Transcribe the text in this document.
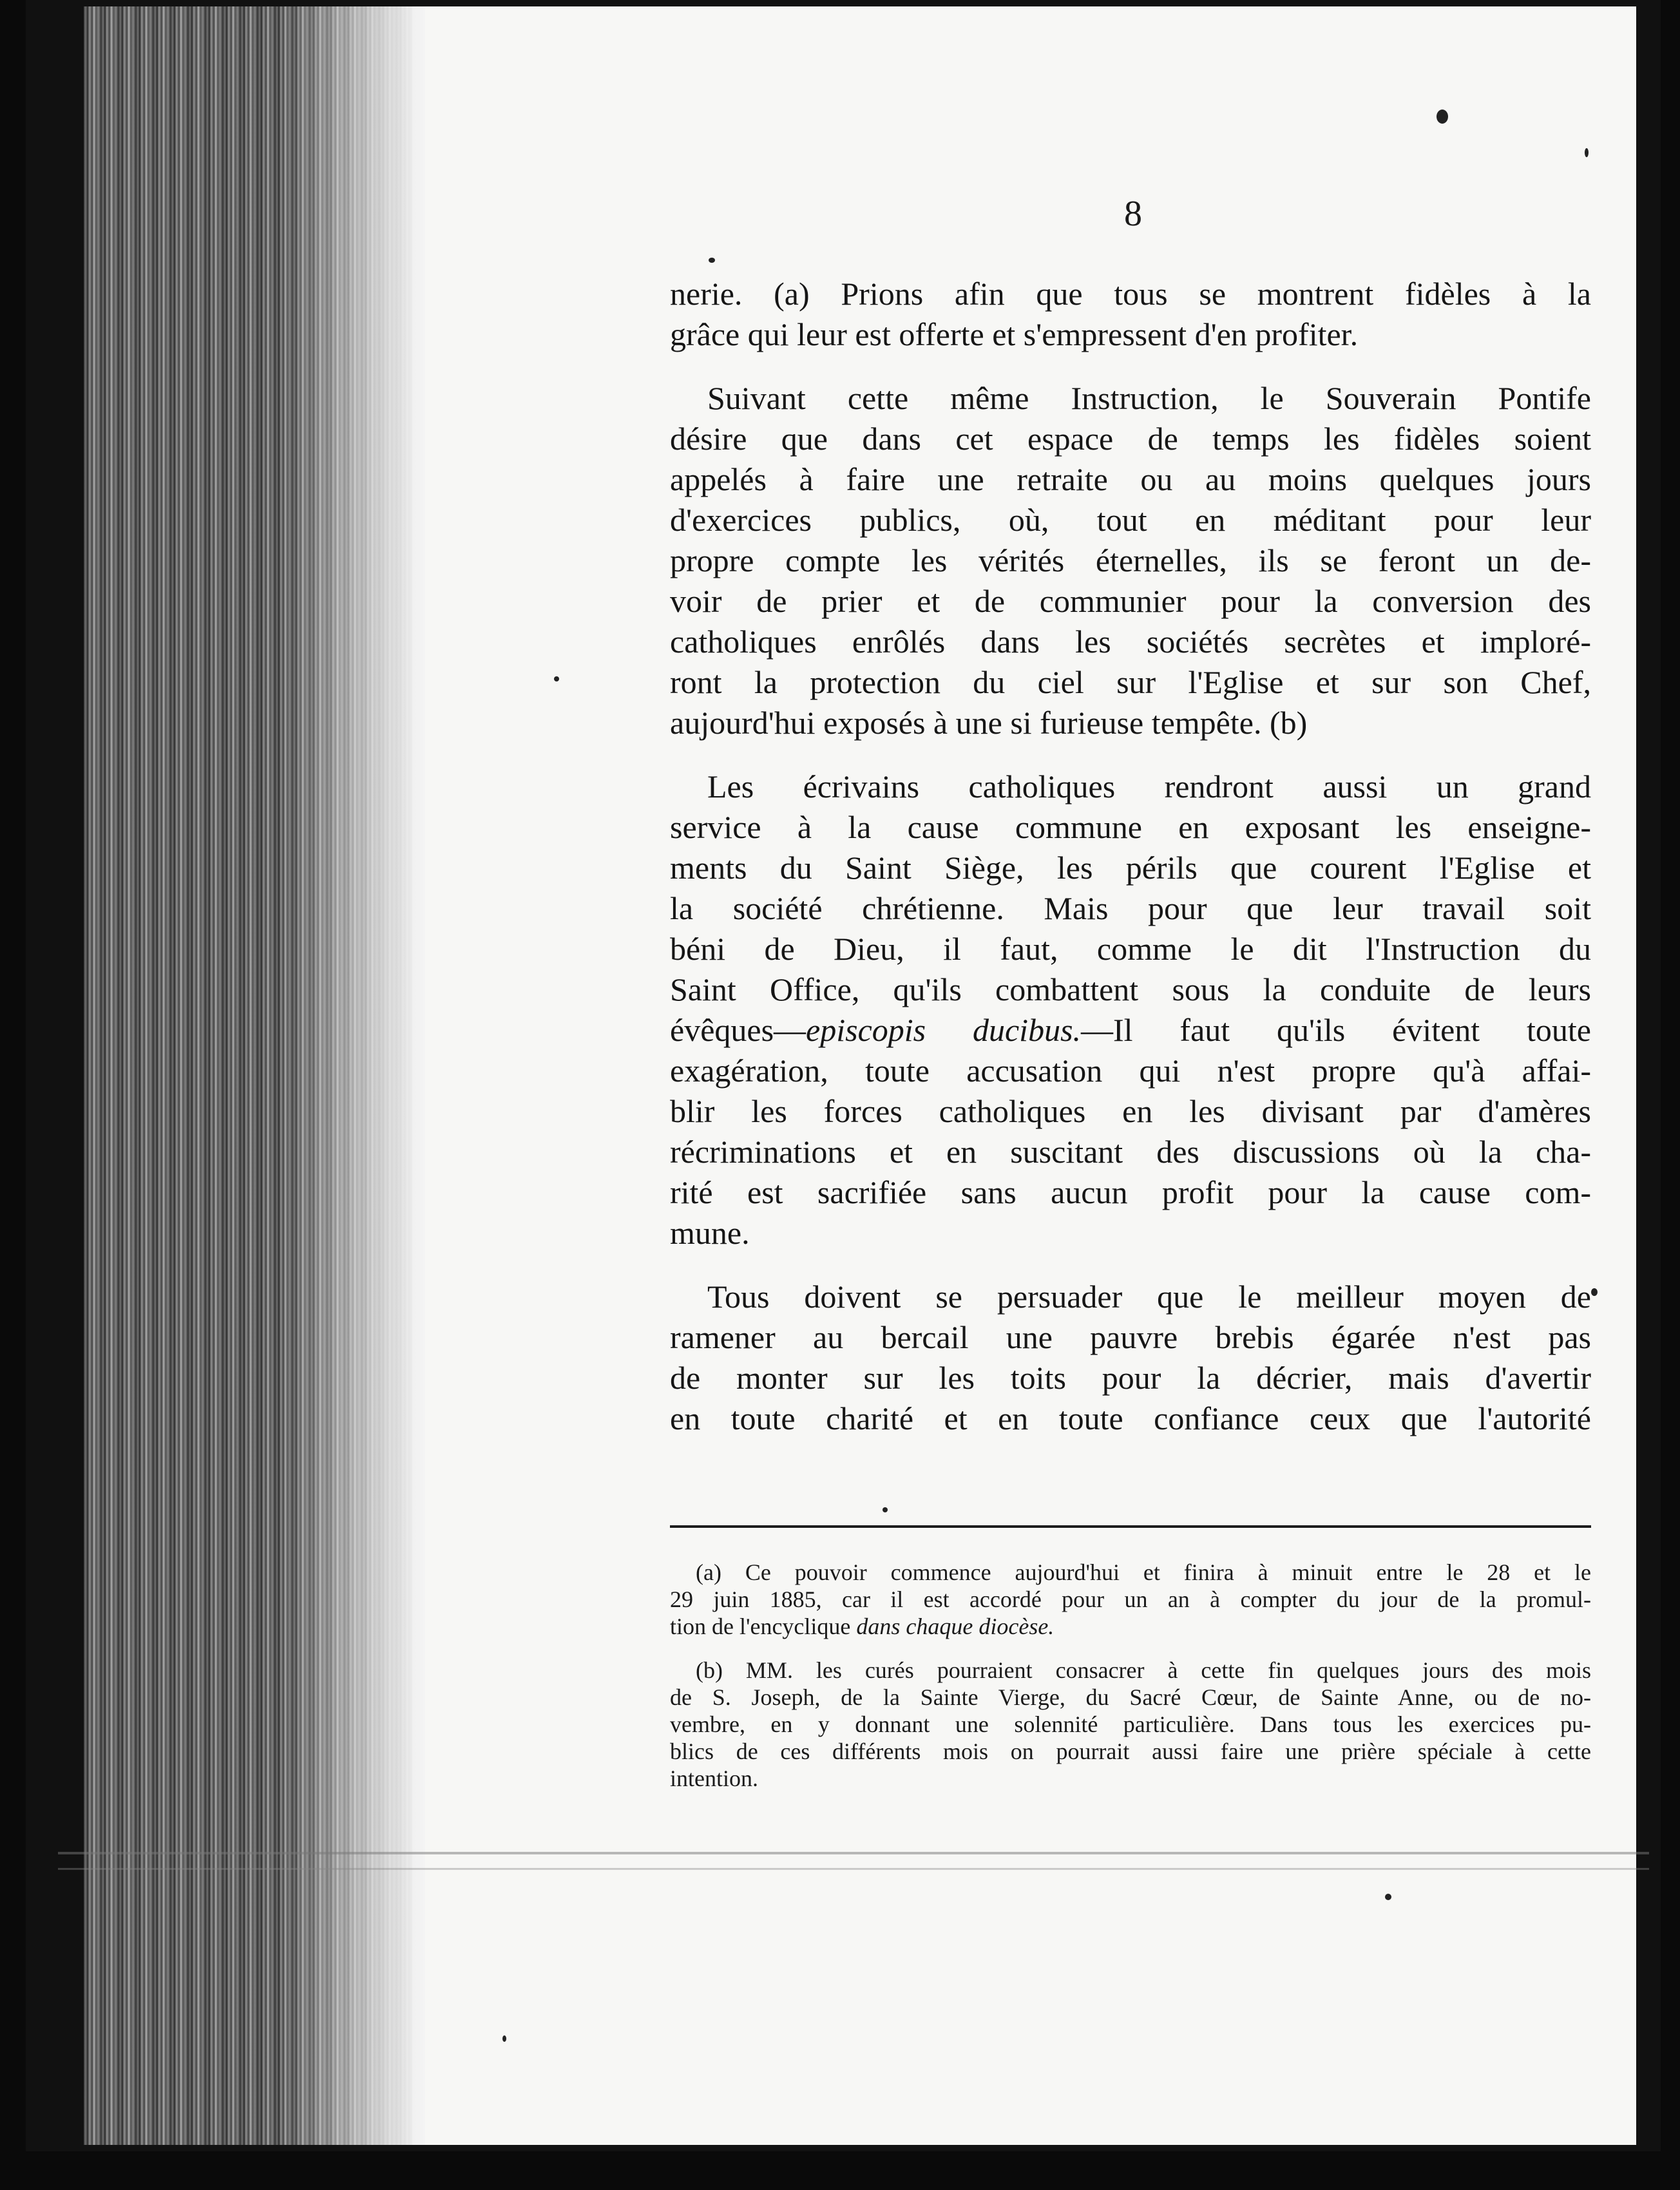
8

nerie. (a) Prions afin que tous se montrent fidèles à la
grâce qui leur est offerte et s'empressent d'en profiter.

Suivant cette même Instruction, le Souverain Pontife
désire que dans cet espace de temps les fidèles soient
appelés à faire une retraite ou au moins quelques jours
d'exercices publics, où, tout en méditant pour leur
propre compte les vérités éternelles, ils se feront un de-
voir de prier et de communier pour la conversion des
catholiques enrôlés dans les sociétés secrètes et imploré-
ront la protection du ciel sur l'Eglise et sur son Chef,
aujourd'hui exposés à une si furieuse tempête. (b)

Les écrivains catholiques rendront aussi un grand
service à la cause commune en exposant les enseigne-
ments du Saint Siège, les périls que courent l'Eglise et
la société chrétienne. Mais pour que leur travail soit
béni de Dieu, il faut, comme le dit l'Instruction du
Saint Office, qu'ils combattent sous la conduite de leurs
évêques—episcopis ducibus.—Il faut qu'ils évitent toute
exagération, toute accusation qui n'est propre qu'à affai-
blir les forces catholiques en les divisant par d'amères
récriminations et en suscitant des discussions où la cha-
rité est sacrifiée sans aucun profit pour la cause com-
mune.

Tous doivent se persuader que le meilleur moyen de
ramener au bercail une pauvre brebis égarée n'est pas
de monter sur les toits pour la décrier, mais d'avertir
en toute charité et en toute confiance ceux que l'autorité

(a) Ce pouvoir commence aujourd'hui et finira à minuit entre le 28 et le
29 juin 1885, car il est accordé pour un an à compter du jour de la promul-
tion de l'encyclique dans chaque diocèse.

(b) MM. les curés pourraient consacrer à cette fin quelques jours des mois
de S. Joseph, de la Sainte Vierge, du Sacré Cœur, de Sainte Anne, ou de no-
vembre, en y donnant une solennité particulière. Dans tous les exercices pu-
blics de ces différents mois on pourrait aussi faire une prière spéciale à cette
intention.
